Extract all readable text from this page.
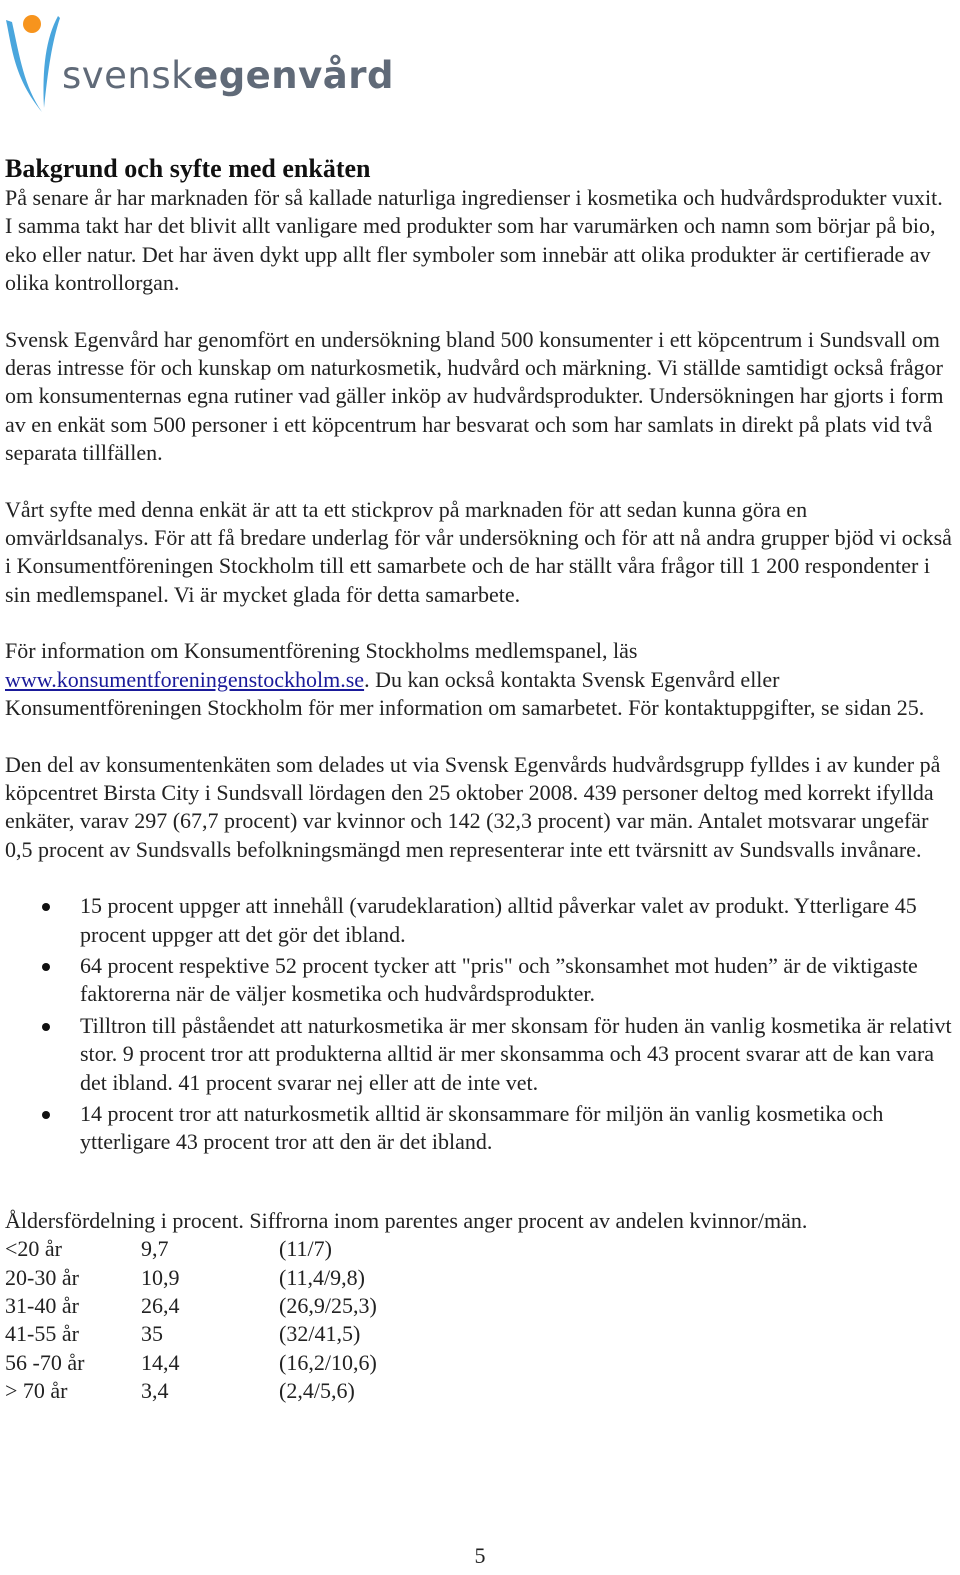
svenskegenvård
Bakgrund och syfte med enkäten

På senare år har marknaden för så kallade naturliga ingredienser i kosmetika och hudvårdsprodukter vuxit. I samma takt har det blivit allt vanligare med produkter som har varumärken och namn som börjar på bio, eko eller natur. Det har även dykt upp allt fler symboler som innebär att olika produkter är certifierade av olika kontrollorgan.

Svensk Egenvård har genomfört en undersökning bland 500 konsumenter i ett köpcentrum i Sundsvall om deras intresse för och kunskap om naturkosmetik, hudvård och märkning. Vi ställde samtidigt också frågor om konsumenternas egna rutiner vad gäller inköp av hudvårdsprodukter. Undersökningen har gjorts i form av en enkät som 500 personer i ett köpcentrum har besvarat och som har samlats in direkt på plats vid två separata tillfällen.

Vårt syfte med denna enkät är att ta ett stickprov på marknaden för att sedan kunna göra en omvärldsanalys. För att få bredare underlag för vår undersökning och för att nå andra grupper bjöd vi också i Konsumentföreningen Stockholm till ett samarbete och de har ställt våra frågor till 1 200 respondenter i sin medlemspanel. Vi är mycket glada för detta samarbete.

För information om Konsumentförening Stockholms medlemspanel, läs
www.konsumentforeningenstockholm.se. Du kan också kontakta Svensk Egenvård eller Konsumentföreningen Stockholm för mer information om samarbetet. För kontaktuppgifter, se sidan 25.

Den del av konsumentenkäten som delades ut via Svensk Egenvårds hudvårdsgrupp fylldes i av kunder på köpcentret Birsta City i Sundsvall lördagen den 25 oktober 2008. 439 personer deltog med korrekt ifyllda enkäter, varav 297 (67,7 procent) var kvinnor och 142 (32,3 procent) var män. Antalet motsvarar ungefär 0,5 procent av Sundsvalls befolkningsmängd men representerar inte ett tvärsnitt av Sundsvalls invånare.

15 procent uppger att innehåll (varudeklaration) alltid påverkar valet av produkt. Ytterligare 45 procent uppger att det gör det ibland.
64 procent respektive 52 procent tycker att "pris" och ”skonsamhet mot huden” är de viktigaste faktorerna när de väljer kosmetika och hudvårdsprodukter.
Tilltron till påståendet att naturkosmetika är mer skonsam för huden än vanlig kosmetika är relativt stor. 9 procent tror att produkterna alltid är mer skonsamma och 43 procent svarar att de kan vara det ibland. 41 procent svarar nej eller att de inte vet.
14 procent tror att naturkosmetik alltid är skonsammare för miljön än vanlig kosmetika och ytterligare 43 procent tror att den är det ibland.
Åldersfördelning i procent. Siffrorna inom parentes anger procent av andelen kvinnor/män.
<20 år	9,7	(11/7)
20-30 år	10,9	(11,4/9,8)
31-40 år	26,4	(26,9/25,3)
41-55 år	35	(32/41,5)
56 -70 år	14,4	(16,2/10,6)
> 70 år	3,4	(2,4/5,6)
5
